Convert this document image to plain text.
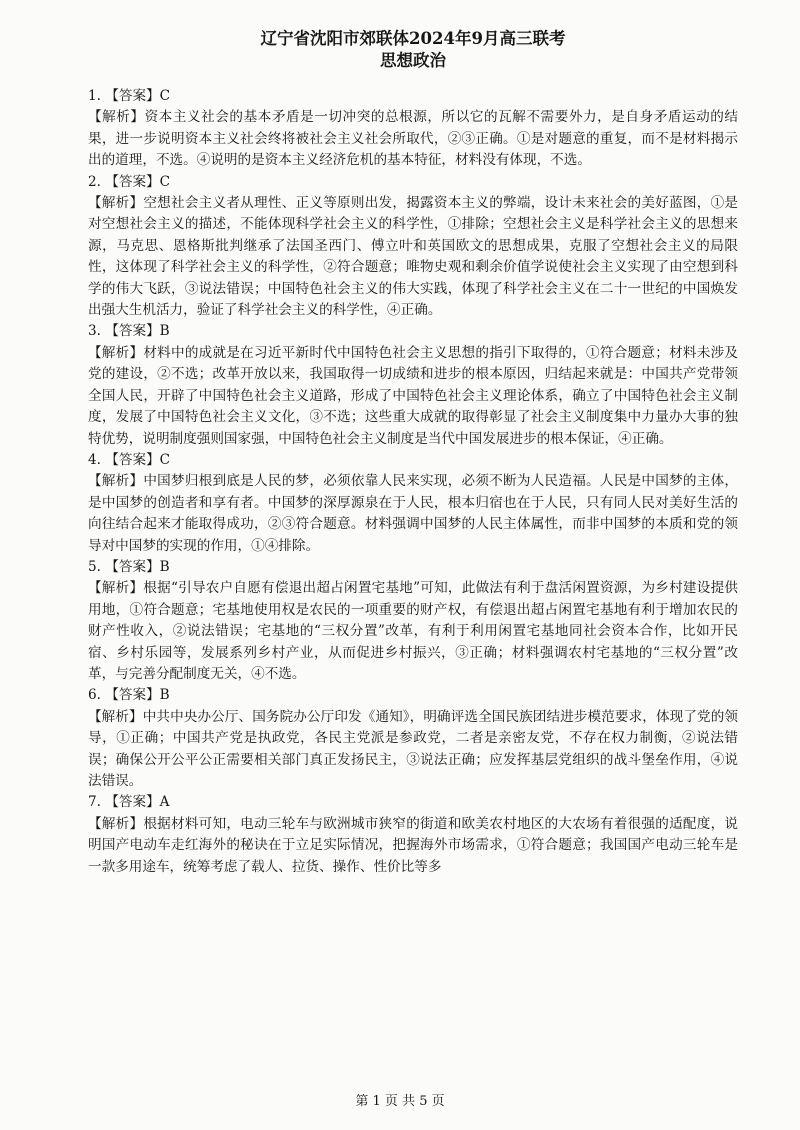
辽宁省沈阳市郊联体2024年9月高三联考
思想政治

1. 【答案】C

【解析】资本主义社会的基本矛盾是一切冲突的总根源，所以它的瓦解不需要外力，是自身矛盾运动的结果，进一步说明资本主义社会终将被社会主义社会所取代，②③正确。①是对题意的重复，而不是材料揭示出的道理，不选。④说明的是资本主义经济危机的基本特征，材料没有体现，不选。

2. 【答案】C

【解析】空想社会主义者从理性、正义等原则出发，揭露资本主义的弊端，设计未来社会的美好蓝图，①是对空想社会主义的描述，不能体现科学社会主义的科学性，①排除；空想社会主义是科学社会主义的思想来源，马克思、恩格斯批判继承了法国圣西门、傅立叶和英国欧文的思想成果，克服了空想社会主义的局限性，这体现了科学社会主义的科学性，②符合题意；唯物史观和剩余价值学说使社会主义实现了由空想到科学的伟大飞跃，③说法错误；中国特色社会主义的伟大实践，体现了科学社会主义在二十一世纪的中国焕发出强大生机活力，验证了科学社会主义的科学性，④正确。

3. 【答案】B

【解析】材料中的成就是在习近平新时代中国特色社会主义思想的指引下取得的，①符合题意；材料未涉及党的建设，②不选；改革开放以来，我国取得一切成绩和进步的根本原因，归结起来就是：中国共产党带领全国人民，开辟了中国特色社会主义道路，形成了中国特色社会主义理论体系，确立了中国特色社会主义制度，发展了中国特色社会主义文化，③不选；这些重大成就的取得彰显了社会主义制度集中力量办大事的独特优势，说明制度强则国家强，中国特色社会主义制度是当代中国发展进步的根本保证，④正确。

4. 【答案】C

【解析】中国梦归根到底是人民的梦，必须依靠人民来实现，必须不断为人民造福。人民是中国梦的主体，是中国梦的创造者和享有者。中国梦的深厚源泉在于人民，根本归宿也在于人民，只有同人民对美好生活的向往结合起来才能取得成功，②③符合题意。材料强调中国梦的人民主体属性，而非中国梦的本质和党的领导对中国梦的实现的作用，①④排除。

5. 【答案】B

【解析】根据“引导农户自愿有偿退出超占闲置宅基地”可知，此做法有利于盘活闲置资源，为乡村建设提供用地，①符合题意；宅基地使用权是农民的一项重要的财产权，有偿退出超占闲置宅基地有利于增加农民的财产性收入，②说法错误；宅基地的“三权分置”改革，有利于利用闲置宅基地同社会资本合作，比如开民宿、乡村乐园等，发展系列乡村产业，从而促进乡村振兴，③正确；材料强调农村宅基地的“三权分置”改革，与完善分配制度无关，④不选。

6. 【答案】B

【解析】中共中央办公厅、国务院办公厅印发《通知》，明确评选全国民族团结进步模范要求，体现了党的领导，①正确；中国共产党是执政党，各民主党派是参政党，二者是亲密友党，不存在权力制衡，②说法错误；确保公开公平公正需要相关部门真正发扬民主，③说法正确；应发挥基层党组织的战斗堡垒作用，④说法错误。

7. 【答案】A

【解析】根据材料可知，电动三轮车与欧洲城市狭窄的街道和欧美农村地区的大农场有着很强的适配度，说明国产电动车走红海外的秘诀在于立足实际情况，把握海外市场需求，①符合题意；我国国产电动三轮车是一款多用途车，统筹考虑了载人、拉货、操作、性价比等多

第 1 页 共 5 页
